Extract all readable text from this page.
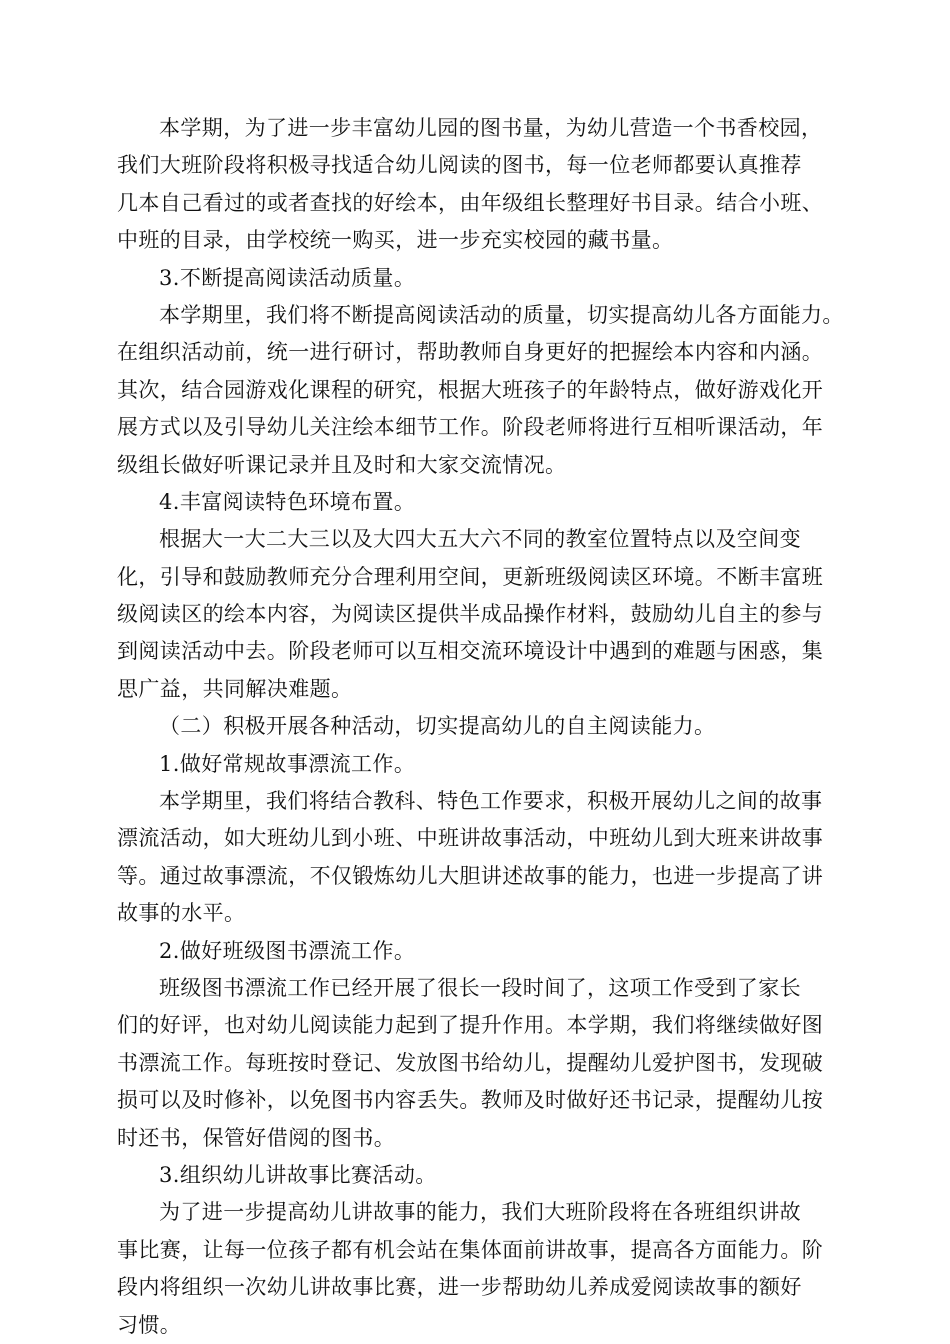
本学期，为了进一步丰富幼儿园的图书量，为幼儿营造一个书香校园，
我们大班阶段将积极寻找适合幼儿阅读的图书，每一位老师都要认真推荐
几本自己看过的或者查找的好绘本，由年级组长整理好书目录。结合小班、
中班的目录，由学校统一购买，进一步充实校园的藏书量。
3.不断提高阅读活动质量。
本学期里，我们将不断提高阅读活动的质量，切实提高幼儿各方面能力。
在组织活动前，统一进行研讨，帮助教师自身更好的把握绘本内容和内涵。
其次，结合园游戏化课程的研究，根据大班孩子的年龄特点，做好游戏化开
展方式以及引导幼儿关注绘本细节工作。阶段老师将进行互相听课活动，年
级组长做好听课记录并且及时和大家交流情况。
4.丰富阅读特色环境布置。
根据大一大二大三以及大四大五大六不同的教室位置特点以及空间变
化，引导和鼓励教师充分合理利用空间，更新班级阅读区环境。不断丰富班
级阅读区的绘本内容，为阅读区提供半成品操作材料，鼓励幼儿自主的参与
到阅读活动中去。阶段老师可以互相交流环境设计中遇到的难题与困惑，集
思广益，共同解决难题。
（二）积极开展各种活动，切实提高幼儿的自主阅读能力。
1.做好常规故事漂流工作。
本学期里，我们将结合教科、特色工作要求，积极开展幼儿之间的故事
漂流活动，如大班幼儿到小班、中班讲故事活动，中班幼儿到大班来讲故事
等。通过故事漂流，不仅锻炼幼儿大胆讲述故事的能力，也进一步提高了讲
故事的水平。
2.做好班级图书漂流工作。
班级图书漂流工作已经开展了很长一段时间了，这项工作受到了家长
们的好评，也对幼儿阅读能力起到了提升作用。本学期，我们将继续做好图
书漂流工作。每班按时登记、发放图书给幼儿，提醒幼儿爱护图书，发现破
损可以及时修补，以免图书内容丢失。教师及时做好还书记录，提醒幼儿按
时还书，保管好借阅的图书。
3.组织幼儿讲故事比赛活动。
为了进一步提高幼儿讲故事的能力，我们大班阶段将在各班组织讲故
事比赛，让每一位孩子都有机会站在集体面前讲故事，提高各方面能力。阶
段内将组织一次幼儿讲故事比赛，进一步帮助幼儿养成爱阅读故事的额好
习惯。
